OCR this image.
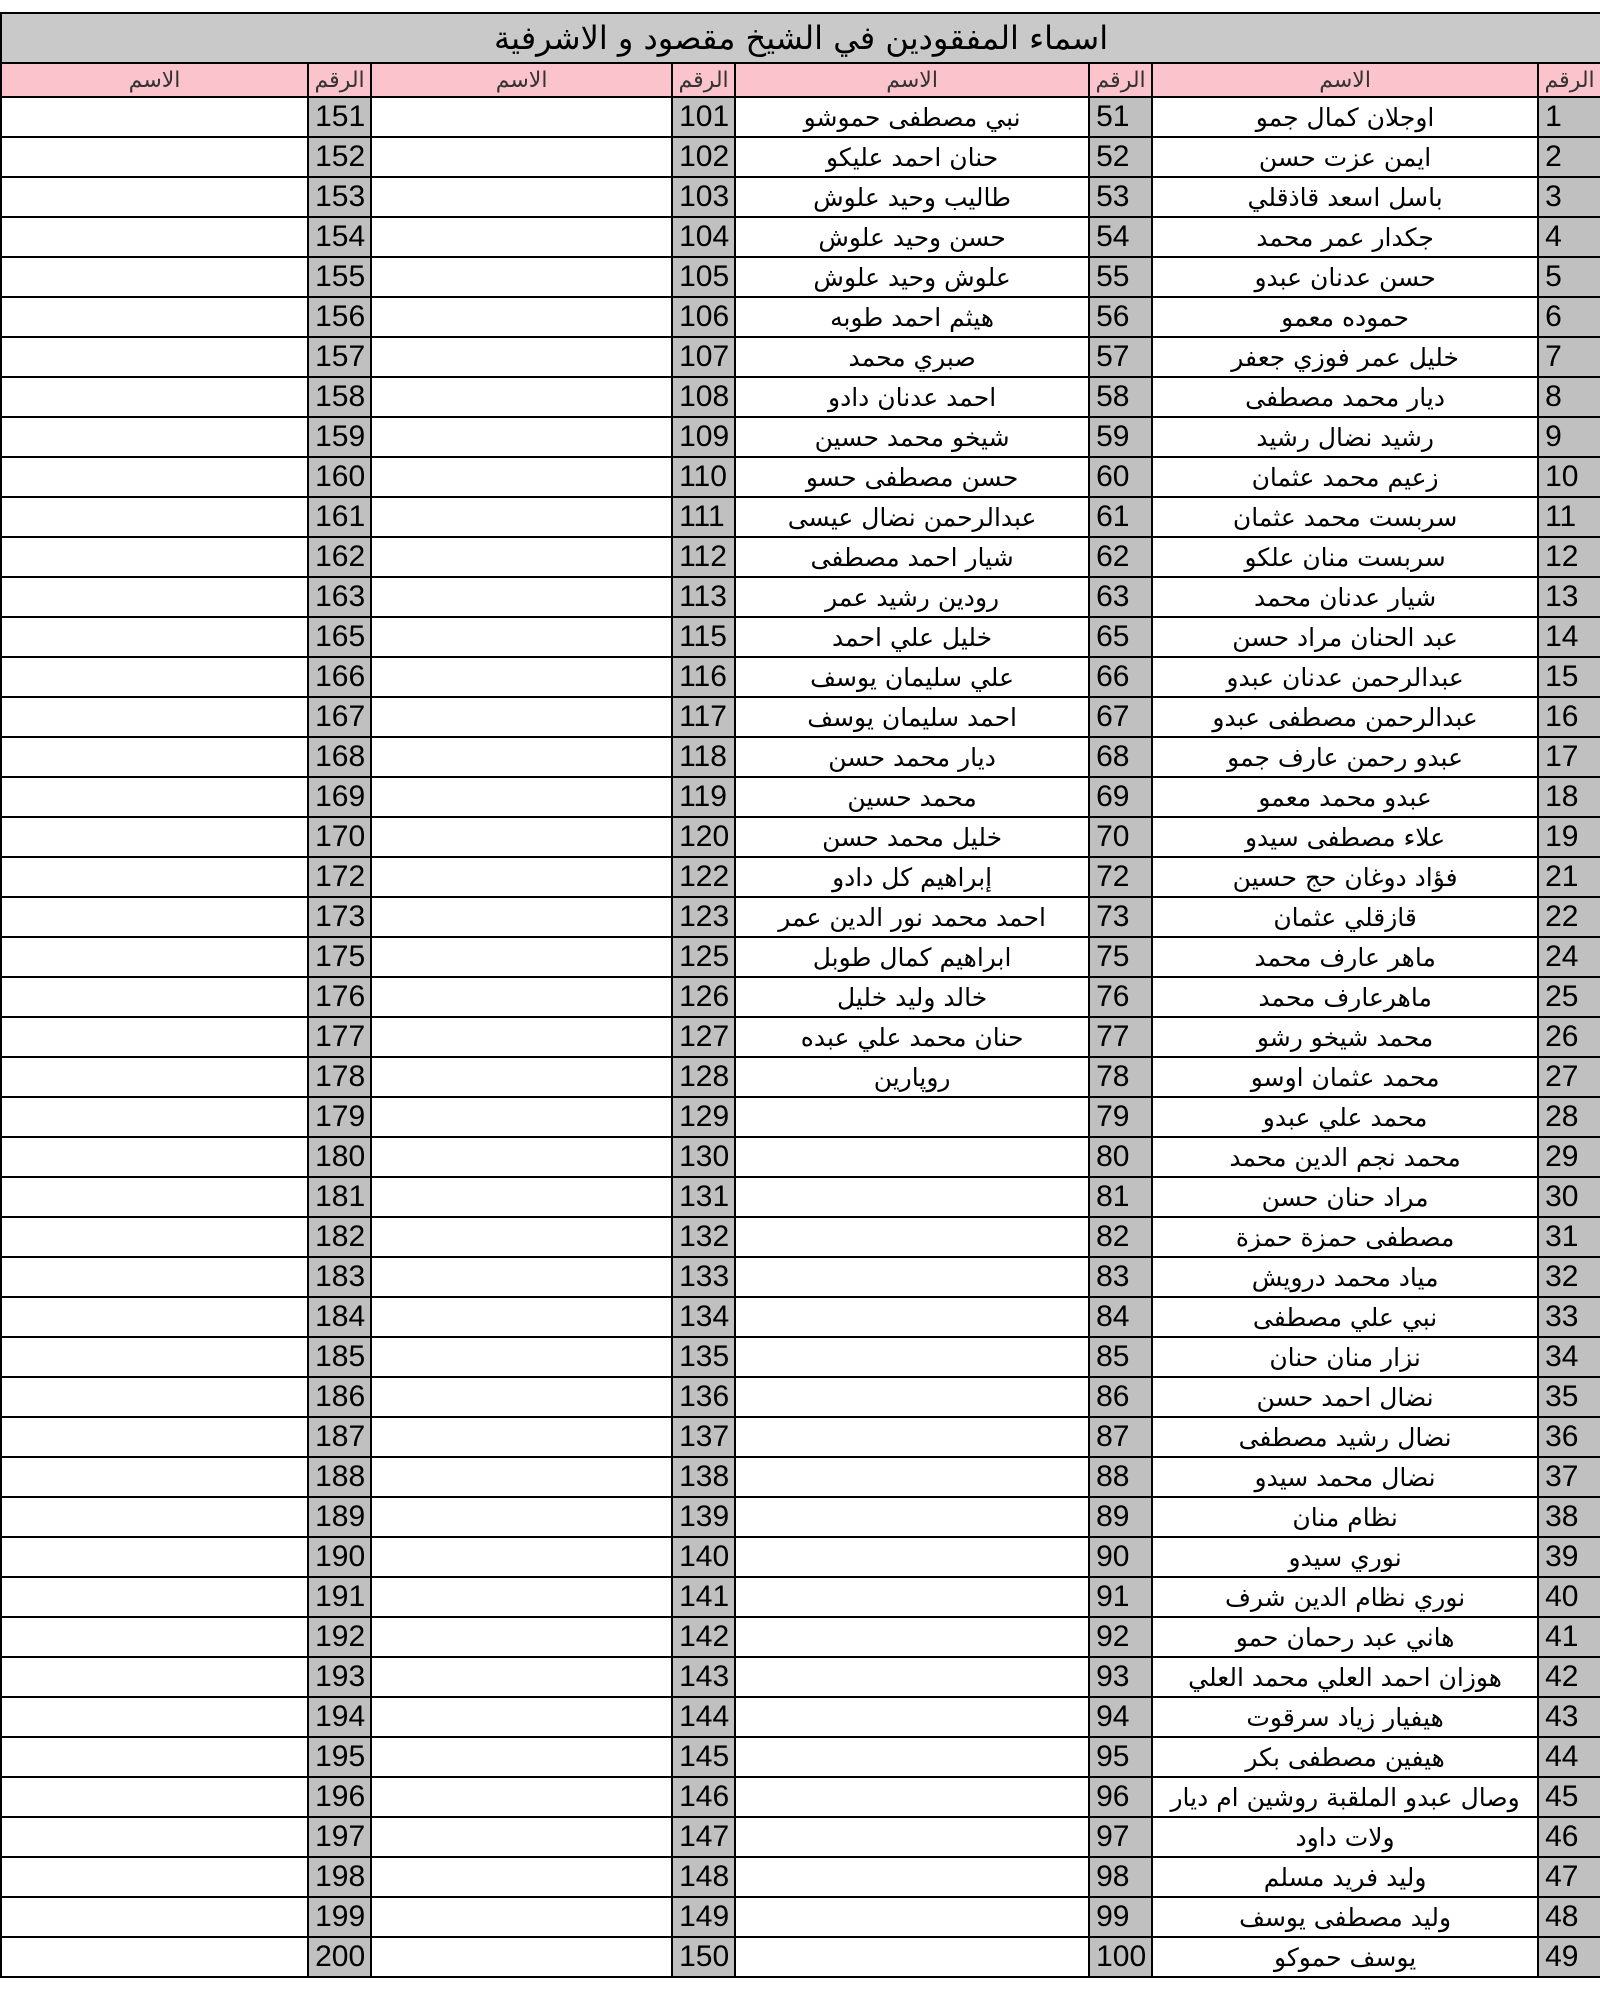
اسماء المفقودين في الشيخ مقصود و الاشرفية							
الرقم	الاسم	الرقم	الاسم	الرقم	الاسم	الرقم	الاسم
1	اوجلان كمال جمو	51	نبي مصطفى حموشو	101		151	
2	ايمن عزت حسن	52	حنان احمد عليكو	102		152	
3	باسل اسعد قاذقلي	53	طاليب وحيد علوش	103		153	
4	جكدار عمر محمد	54	حسن وحيد علوش	104		154	
5	حسن عدنان عبدو	55	علوش وحيد علوش	105		155	
6	حموده معمو	56	هيثم احمد طوبه	106		156	
7	خليل عمر فوزي جعفر	57	صبري محمد	107		157	
8	ديار محمد مصطفى	58	احمد عدنان دادو	108		158	
9	رشيد نضال رشيد	59	شيخو محمد حسين	109		159	
10	زعيم محمد عثمان	60	حسن مصطفى حسو	110		160	
11	سربست محمد عثمان	61	عبدالرحمن نضال عيسى	111		161	
12	سربست منان علكو	62	شيار احمد مصطفى	112		162	
13	شيار عدنان محمد	63	رودين رشيد عمر	113		163	
14	عبد الحنان مراد حسن	65	خليل علي احمد	115		165	
15	عبدالرحمن عدنان عبدو	66	علي سليمان يوسف	116		166	
16	عبدالرحمن مصطفى عبدو	67	احمد سليمان يوسف	117		167	
17	عبدو رحمن عارف جمو	68	ديار محمد حسن	118		168	
18	عبدو محمد معمو	69	محمد حسين	119		169	
19	علاء مصطفى سيدو	70	خليل محمد حسن	120		170	
21	فؤاد دوغان حج حسين	72	إبراهيم كل دادو	122		172	
22	قازقلي عثمان	73	احمد محمد نور الدين عمر	123		173	
24	ماهر عارف محمد	75	ابراهيم كمال طوبل	125		175	
25	ماهرعارف محمد	76	خالد وليد خليل	126		176	
26	محمد شيخو رشو	77	حنان محمد علي عبده	127		177	
27	محمد عثمان اوسو	78	روپارين	128		178	
28	محمد علي عبدو	79		129		179	
29	محمد نجم الدين محمد	80		130		180	
30	مراد حنان حسن	81		131		181	
31	مصطفى حمزة حمزة	82		132		182	
32	مياد محمد درويش	83		133		183	
33	نبي علي مصطفى	84		134		184	
34	نزار منان حنان	85		135		185	
35	نضال احمد حسن	86		136		186	
36	نضال رشيد مصطفى	87		137		187	
37	نضال محمد سيدو	88		138		188	
38	نظام منان	89		139		189	
39	نوري سيدو	90		140		190	
40	نوري نظام الدين شرف	91		141		191	
41	هاني عبد رحمان حمو	92		142		192	
42	هوزان احمد العلي محمد العلي	93		143		193	
43	هيفيار زياد سرقوت	94		144		194	
44	هيفين مصطفى بكر	95		145		195	
45	وصال عبدو الملقبة روشين ام ديار	96		146		196	
46	ولات داود	97		147		197	
47	وليد فريد مسلم	98		148		198	
48	وليد مصطفى يوسف	99		149		199	
49	يوسف حموكو	100		150		200	
